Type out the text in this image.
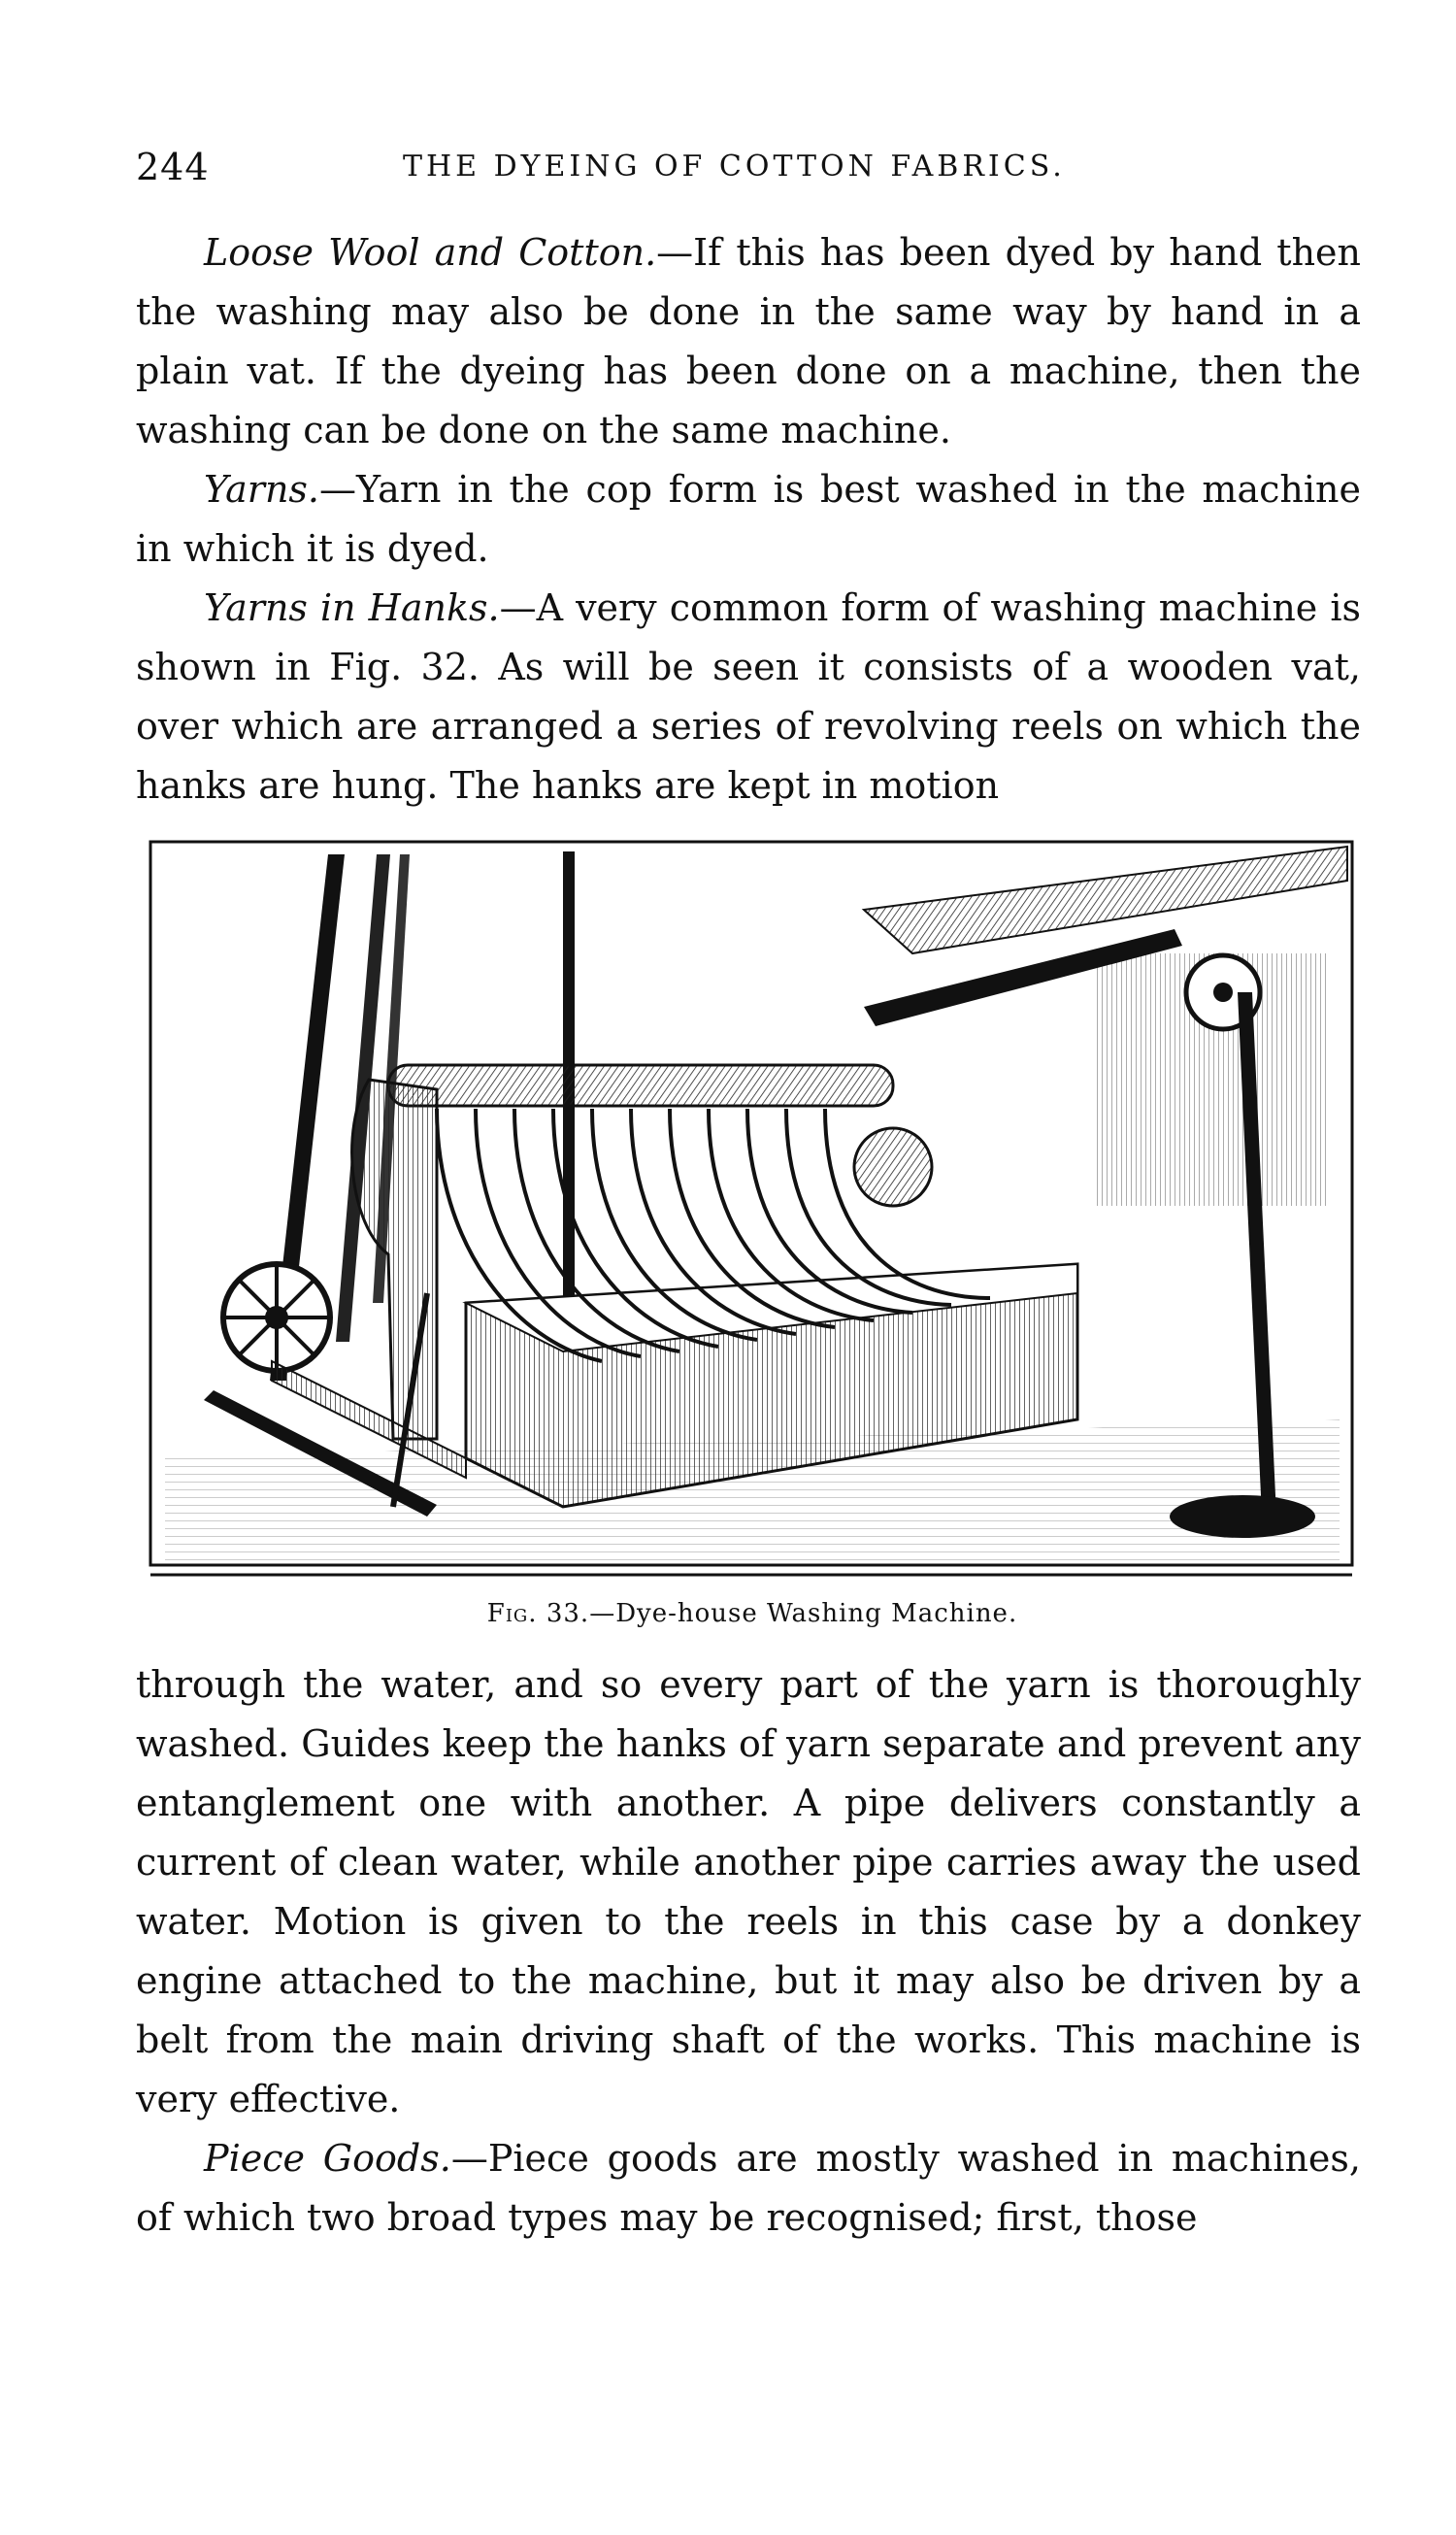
244	THE DYEING OF COTTON FABRICS.

Loose Wool and Cotton.—If this has been dyed by hand then the washing may also be done in the same way by hand in a plain vat. If the dyeing has been done on a machine, then the washing can be done on the same machine.

Yarns.—Yarn in the cop form is best washed in the machine in which it is dyed.

Yarns in Hanks.—A very common form of washing machine is shown in Fig. 32. As will be seen it consists of a wooden vat, over which are arranged a series of revolving reels on which the hanks are hung. The hanks are kept in motion

Fig. 33.—Dye-house Washing Machine.

through the water, and so every part of the yarn is thoroughly washed. Guides keep the hanks of yarn separate and prevent any entanglement one with another. A pipe delivers constantly a current of clean water, while another pipe carries away the used water. Motion is given to the reels in this case by a donkey engine attached to the machine, but it may also be driven by a belt from the main driving shaft of the works. This machine is very effective.

Piece Goods.—Piece goods are mostly washed in machines, of which two broad types may be recognised; first, those
